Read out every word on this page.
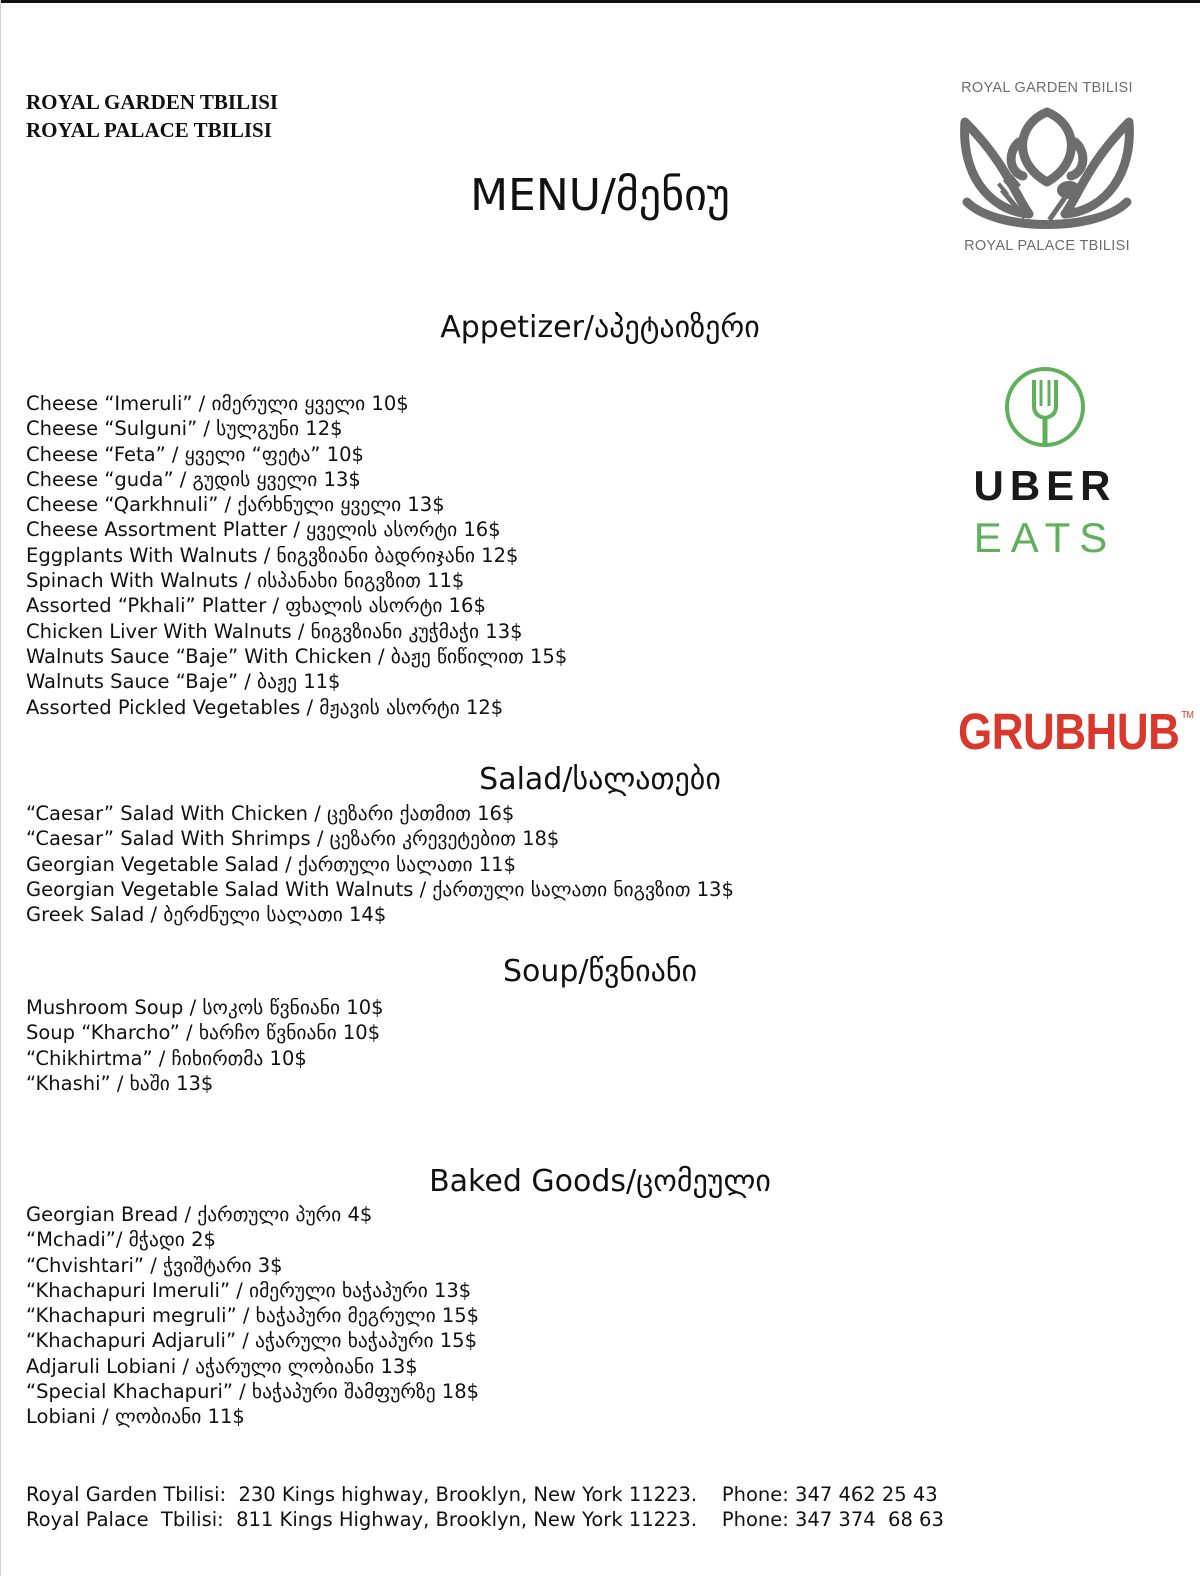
ROYAL GARDEN TBILISI
ROYAL PALACE TBILISI
ROYAL GARDEN TBILISI
ROYAL PALACE TBILISI
MENU/მენიუ
Appetizer/აპეტაიზერი
Cheese “Imeruli” / იმერული ყველი 10$
Cheese “Sulguni” / სულგუნი 12$
Cheese “Feta” / ყველი “ფეტა” 10$
Cheese “guda” / გუდის ყველი 13$
Cheese “Qarkhnuli” / ქარხნული ყველი 13$
Cheese Assortment Platter / ყველის ასორტი 16$
Eggplants With Walnuts / ნიგვზიანი ბადრიჯანი 12$
Spinach With Walnuts / ისპანახი ნიგვზით 11$
Assorted “Pkhali” Platter / ფხალის ასორტი 16$
Chicken Liver With Walnuts / ნიგვზიანი კუჭმაჭი 13$
Walnuts Sauce “Baje” With Chicken / ბაჟე წიწილით 15$
Walnuts Sauce “Baje” / ბაჟე 11$
Assorted Pickled Vegetables / მჟავის ასორტი 12$
UBER
EATS
GRUBHUB ™
Salad/სალათები
“Caesar” Salad With Chicken / ცეზარი ქათმით 16$
“Caesar” Salad With Shrimps / ცეზარი კრევეტებით 18$
Georgian Vegetable Salad / ქართული სალათი 11$
Georgian Vegetable Salad With Walnuts / ქართული სალათი ნიგვზით 13$
Greek Salad / ბერძნული სალათი 14$
Soup/წვნიანი
Mushroom Soup / სოკოს წვნიანი 10$
Soup “Kharcho” / ხარჩო წვნიანი 10$
“Chikhirtma” / ჩიხირთმა 10$
“Khashi” / ხაში 13$
Baked Goods/ცომეული
Georgian Bread / ქართული პური 4$
“Mchadi”/ მჭადი 2$
“Chvishtari” / ჭვიშტარი 3$
“Khachapuri Imeruli” / იმერული ხაჭაპური 13$
“Khachapuri megruli” / ხაჭაპური მეგრული 15$
“Khachapuri Adjaruli” / აჭარული ხაჭაპური 15$
Adjaruli Lobiani / აჭარული ლობიანი 13$
“Special Khachapuri” / ხაჭაპური შამფურზე 18$
Lobiani / ლობიანი 11$
Royal Garden Tbilisi:  230 Kings highway, Brooklyn, New York 11223.    Phone: 347 462 25 43
Royal Palace  Tbilisi:  811 Kings Highway, Brooklyn, New York 11223.    Phone: 347 374  68 63
